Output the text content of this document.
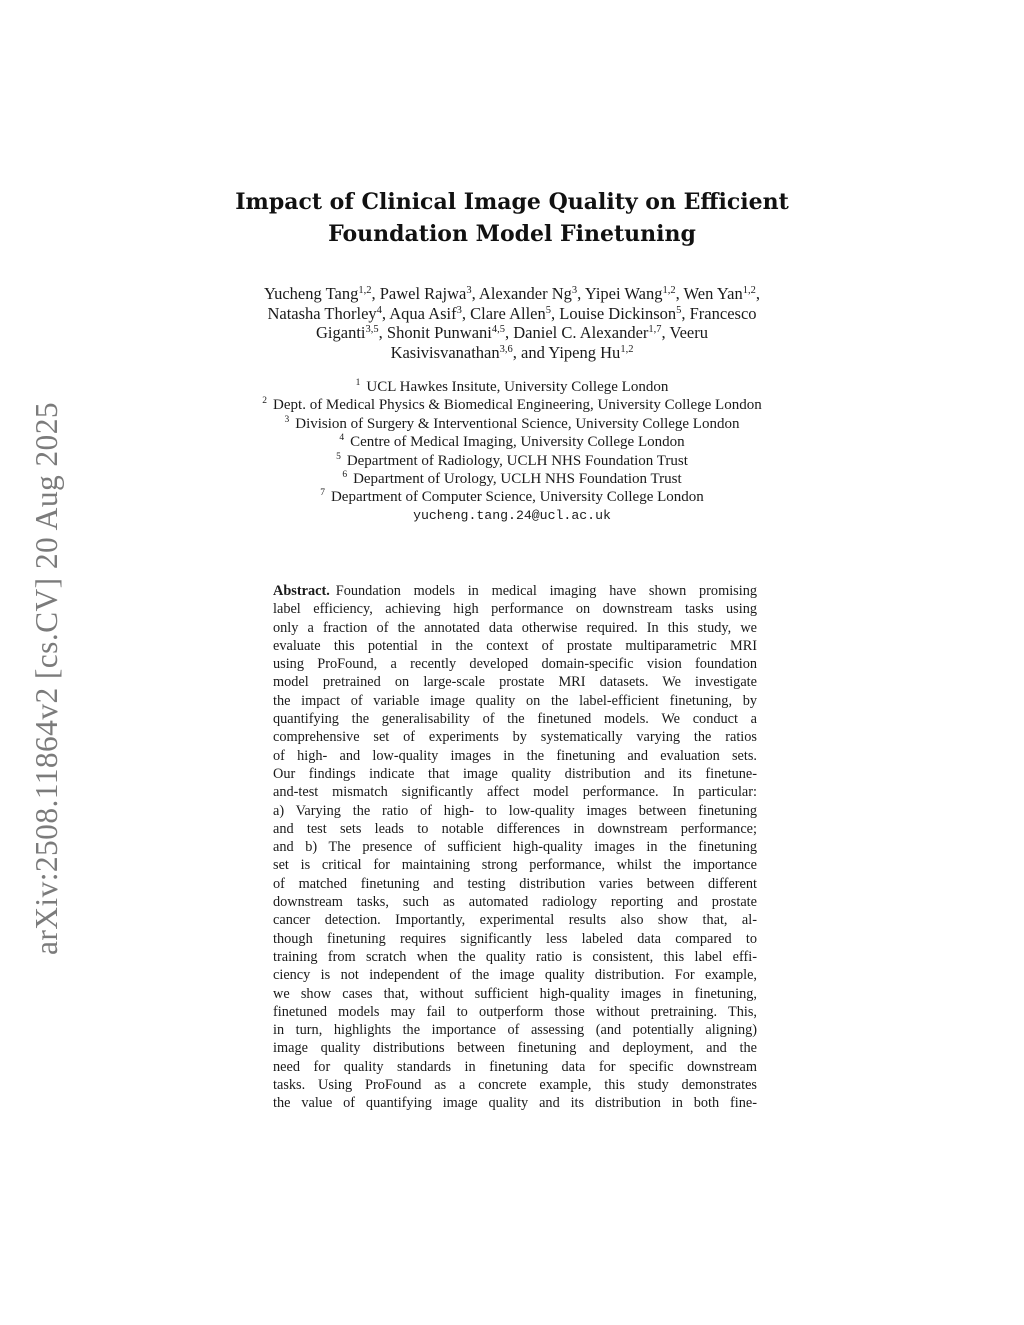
arXiv:2508.11864v2 [cs.CV] 20 Aug 2025
Impact of Clinical Image Quality on Efficient
Foundation Model Finetuning
Yucheng Tang$^{1,2}$, Pawel Rajwa$^3$, Alexander Ng$^3$, Yipei Wang$^{1,2}$, Wen Yan$^{1,2}$,
Natasha Thorley$^4$, Aqua Asif$^3$, Clare Allen$^5$, Louise Dickinson$^5$, Francesco
Giganti$^{3,5}$, Shonit Punwani$^{4,5}$, Daniel C. Alexander$^{1,7}$, Veeru
Kasivisvanathan$^{3,6}$, and Yipeng Hu$^{1,2}$
$^1$ UCL Hawkes Insitute, University College London
$^2$ Dept. of Medical Physics & Biomedical Engineering, University College London
$^3$ Division of Surgery & Interventional Science, University College London
$^4$ Centre of Medical Imaging, University College London
$^5$ Department of Radiology, UCLH NHS Foundation Trust
$^6$ Department of Urology, UCLH NHS Foundation Trust
$^7$ Department of Computer Science, University College London
yucheng.tang.24@ucl.ac.uk
Abstract. Foundation models in medical imaging have shown promising
label efficiency, achieving high performance on downstream tasks using
only a fraction of the annotated data otherwise required. In this study, we
evaluate this potential in the context of prostate multiparametric MRI
using ProFound, a recently developed domain-specific vision foundation
model pretrained on large-scale prostate MRI datasets. We investigate
the impact of variable image quality on the label-efficient finetuning, by
quantifying the generalisability of the finetuned models. We conduct a
comprehensive set of experiments by systematically varying the ratios
of high- and low-quality images in the finetuning and evaluation sets.
Our findings indicate that image quality distribution and its finetune-
and-test mismatch significantly affect model performance. In particular:
a) Varying the ratio of high- to low-quality images between finetuning
and test sets leads to notable differences in downstream performance;
and b) The presence of sufficient high-quality images in the finetuning
set is critical for maintaining strong performance, whilst the importance
of matched finetuning and testing distribution varies between different
downstream tasks, such as automated radiology reporting and prostate
cancer detection. Importantly, experimental results also show that, al-
though finetuning requires significantly less labeled data compared to
training from scratch when the quality ratio is consistent, this label effi-
ciency is not independent of the image quality distribution. For example,
we show cases that, without sufficient high-quality images in finetuning,
finetuned models may fail to outperform those without pretraining. This,
in turn, highlights the importance of assessing (and potentially aligning)
image quality distributions between finetuning and deployment, and the
need for quality standards in finetuning data for specific downstream
tasks. Using ProFound as a concrete example, this study demonstrates
the value of quantifying image quality and its distribution in both fine-
